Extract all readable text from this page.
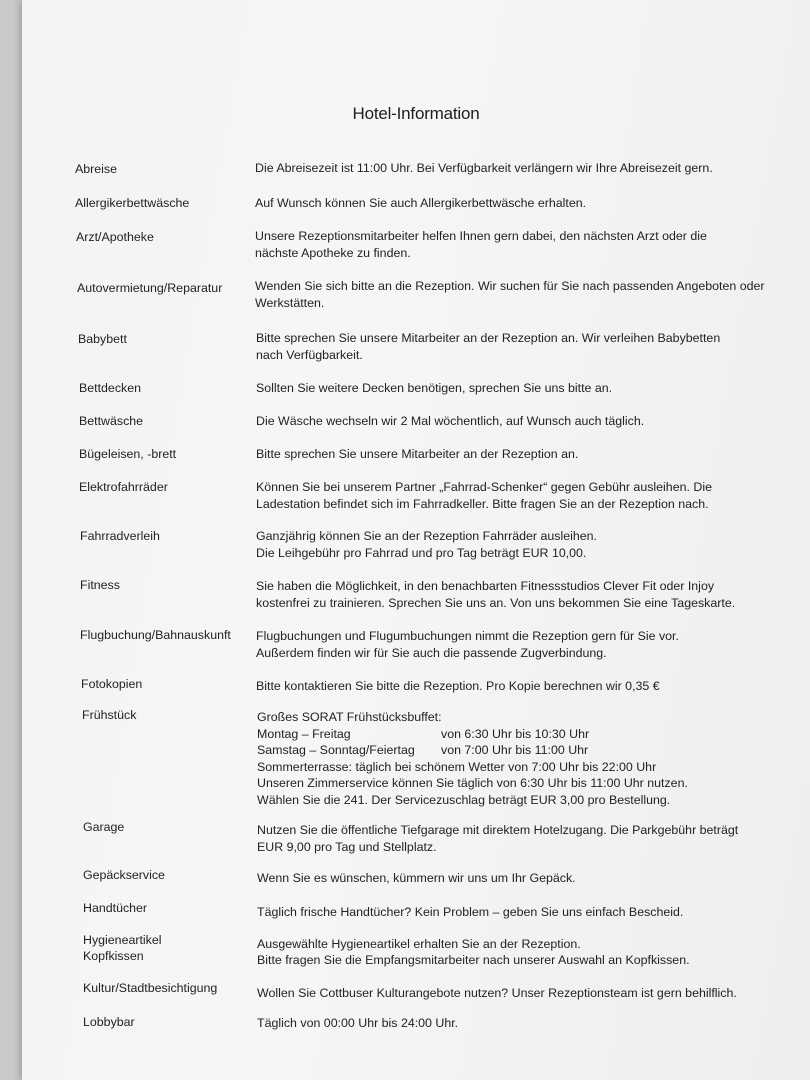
Hotel-Information
Abreise	Die Abreisezeit ist 11:00 Uhr. Bei Verfügbarkeit verlängern wir Ihre Abreisezeit gern.
Allergikerbettwäsche	Auf Wunsch können Sie auch Allergikerbettwäsche erhalten.
Arzt/Apotheke	Unsere Rezeptionsmitarbeiter helfen Ihnen gern dabei, den nächsten Arzt oder die
nächste Apotheke zu finden.
Autovermietung/Reparatur	Wenden Sie sich bitte an die Rezeption. Wir suchen für Sie nach passenden Angeboten oder
Werkstätten.
Babybett	Bitte sprechen Sie unsere Mitarbeiter an der Rezeption an. Wir verleihen Babybetten
nach Verfügbarkeit.
Bettdecken	Sollten Sie weitere Decken benötigen, sprechen Sie uns bitte an.
Bettwäsche	Die Wäsche wechseln wir 2 Mal wöchentlich, auf Wunsch auch täglich.
Bügeleisen, -brett	Bitte sprechen Sie unsere Mitarbeiter an der Rezeption an.
Elektrofahrräder	Können Sie bei unserem Partner „Fahrrad-Schenker“ gegen Gebühr ausleihen. Die
Ladestation befindet sich im Fahrradkeller. Bitte fragen Sie an der Rezeption nach.
Fahrradverleih	Ganzjährig können Sie an der Rezeption Fahrräder ausleihen.
Die Leihgebühr pro Fahrrad und pro Tag beträgt EUR 10,00.
Fitness	Sie haben die Möglichkeit, in den benachbarten Fitnessstudios Clever Fit oder Injoy
kostenfrei zu trainieren. Sprechen Sie uns an. Von uns bekommen Sie eine Tageskarte.
Flugbuchung/Bahnauskunft Flugbuchungen und Flugumbuchungen nimmt die Rezeption gern für Sie vor.
Außerdem finden wir für Sie auch die passende Zugverbindung.
Fotokopien	Bitte kontaktieren Sie bitte die Rezeption. Pro Kopie berechnen wir 0,35 €
Frühstück	Großes SORAT Frühstücksbuffet:
Montag – Freitag	von 6:30 Uhr bis 10:30 Uhr
Samstag – Sonntag/Feiertag	von 7:00 Uhr bis 11:00 Uhr
Sommerterrasse: täglich bei schönem Wetter von 7:00 Uhr bis 22:00 Uhr
Unseren Zimmerservice können Sie täglich von 6:30 Uhr bis 11:00 Uhr nutzen.
Wählen Sie die 241. Der Servicezuschlag beträgt EUR 3,00 pro Bestellung.
Garage	Nutzen Sie die öffentliche Tiefgarage mit direktem Hotelzugang. Die Parkgebühr beträgt
EUR 9,00 pro Tag und Stellplatz.
Gepäckservice	Wenn Sie es wünschen, kümmern wir uns um Ihr Gepäck.
Handtücher	Täglich frische Handtücher? Kein Problem – geben Sie uns einfach Bescheid.
Hygieneartikel	Ausgewählte Hygieneartikel erhalten Sie an der Rezeption.
Kopfkissen	Bitte fragen Sie die Empfangsmitarbeiter nach unserer Auswahl an Kopfkissen.
Kultur/Stadtbesichtigung	Wollen Sie Cottbuser Kulturangebote nutzen? Unser Rezeptionsteam ist gern behilflich.
Lobbybar	Täglich von 00:00 Uhr bis 24:00 Uhr.
